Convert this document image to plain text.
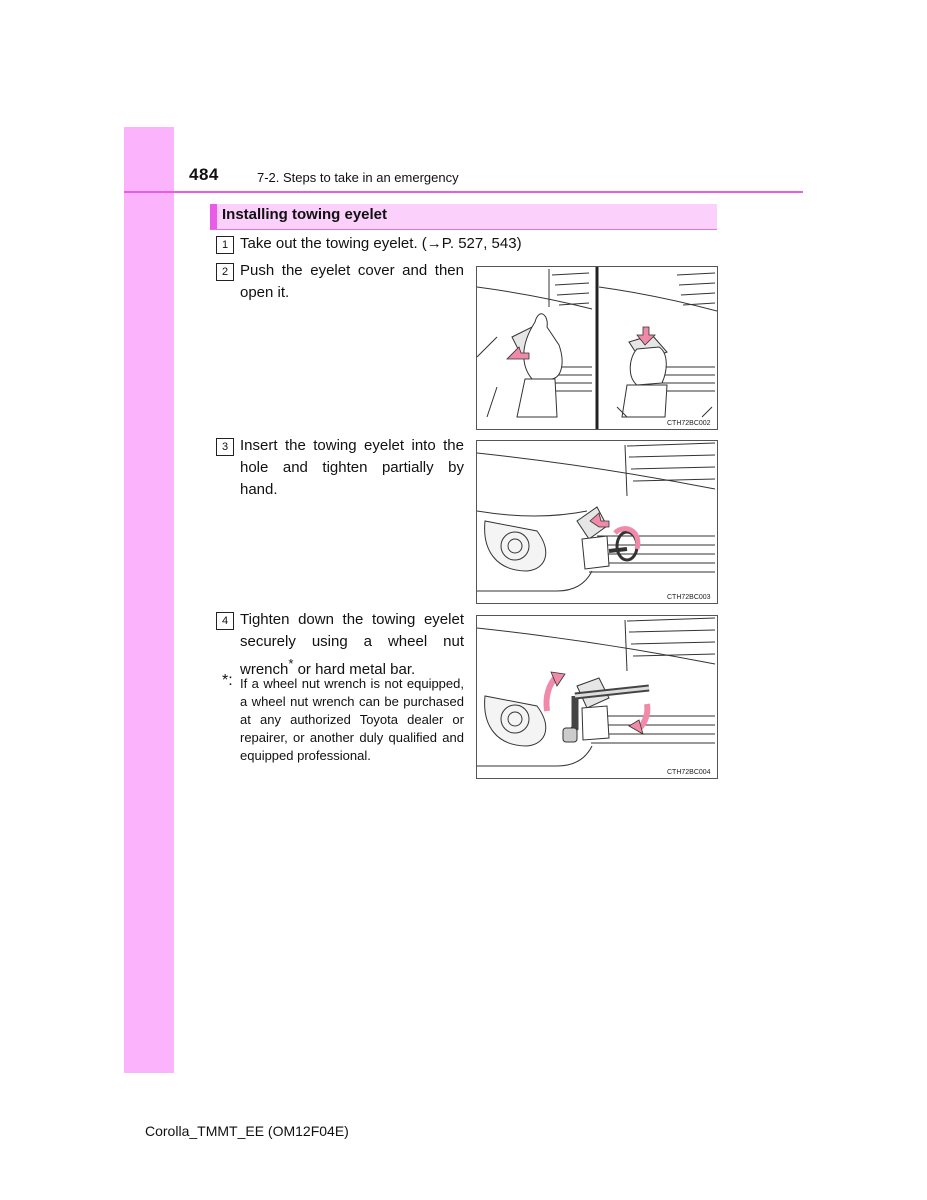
484	7-2. Steps to take in an emergency
Installing towing eyelet
1 Take out the towing eyelet. (→P. 527, 543)
2 Push the eyelet cover and then open it.
3 Insert the towing eyelet into the hole and tighten partially by hand.
4 Tighten down the towing eyelet securely using a wheel nut wrench* or hard metal bar.
*: If a wheel nut wrench is not equipped, a wheel nut wrench can be purchased at any authorized Toyota dealer or repairer, or another duly qualified and equipped professional.
CTH72BC002
CTH72BC003
CTH72BC004
Corolla_TMMT_EE (OM12F04E)
